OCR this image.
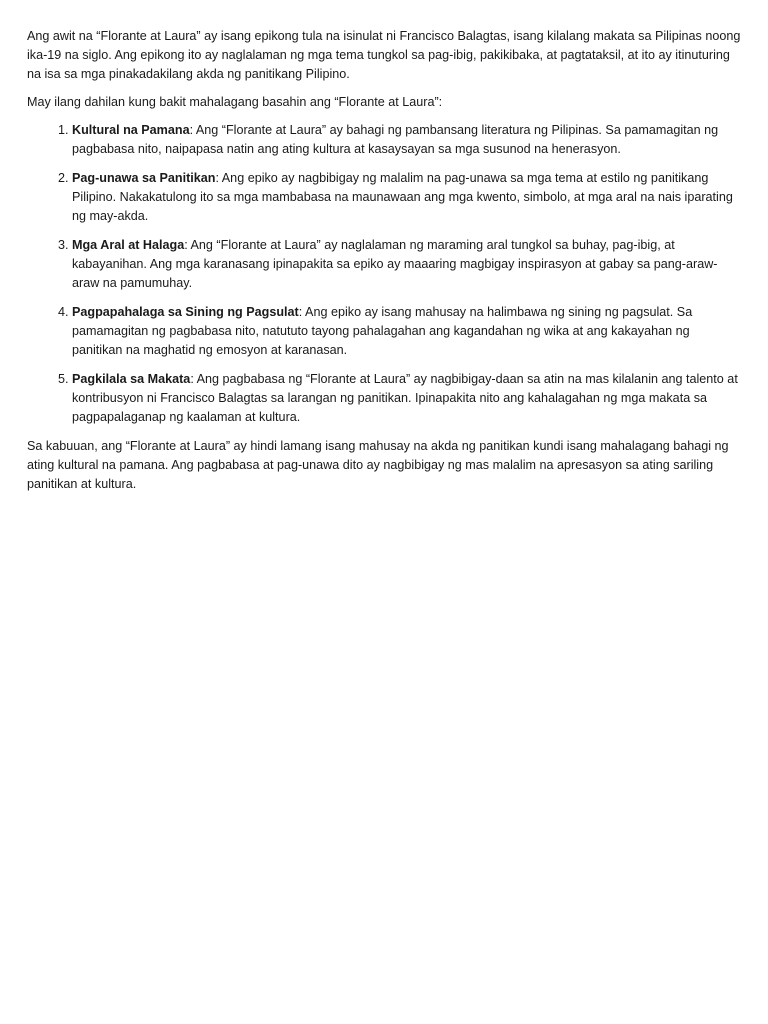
Ang awit na “Florante at Laura” ay isang epikong tula na isinulat ni Francisco Balagtas, isang kilalang makata sa Pilipinas noong ika-19 na siglo. Ang epikong ito ay naglalaman ng mga tema tungkol sa pag-ibig, pakikibaka, at pagtataksil, at ito ay itinuturing na isa sa mga pinakadakilang akda ng panitikang Pilipino.

May ilang dahilan kung bakit mahalagang basahin ang “Florante at Laura”:

1. Kultural na Pamana: Ang “Florante at Laura” ay bahagi ng pambansang literatura ng Pilipinas. Sa pamamagitan ng pagbabasa nito, naipapasa natin ang ating kultura at kasaysayan sa mga susunod na henerasyon.
2. Pag-unawa sa Panitikan: Ang epiko ay nagbibigay ng malalim na pag-unawa sa mga tema at estilo ng panitikang Pilipino. Nakakatulong ito sa mga mambabasa na maunawaan ang mga kwento, simbolo, at mga aral na nais iparating ng may-akda.
3. Mga Aral at Halaga: Ang “Florante at Laura” ay naglalaman ng maraming aral tungkol sa buhay, pag-ibig, at kabayanihan. Ang mga karanasang ipinapakita sa epiko ay maaaring magbigay inspirasyon at gabay sa pang-araw-araw na pamumuhay.
4. Pagpapahalaga sa Sining ng Pagsulat: Ang epiko ay isang mahusay na halimbawa ng sining ng pagsulat. Sa pamamagitan ng pagbabasa nito, natututo tayong pahalagahan ang kagandahan ng wika at ang kakayahan ng panitikan na maghatid ng emosyon at karanasan.
5. Pagkilala sa Makata: Ang pagbabasa ng “Florante at Laura” ay nagbibigay-daan sa atin na mas kilalanin ang talento at kontribusyon ni Francisco Balagtas sa larangan ng panitikan. Ipinapakita nito ang kahalagahan ng mga makata sa pagpapalaganap ng kaalaman at kultura.

Sa kabuuan, ang “Florante at Laura” ay hindi lamang isang mahusay na akda ng panitikan kundi isang mahalagang bahagi ng ating kultural na pamana. Ang pagbabasa at pag-unawa dito ay nagbibigay ng mas malalim na apresasyon sa ating sariling panitikan at kultura.
